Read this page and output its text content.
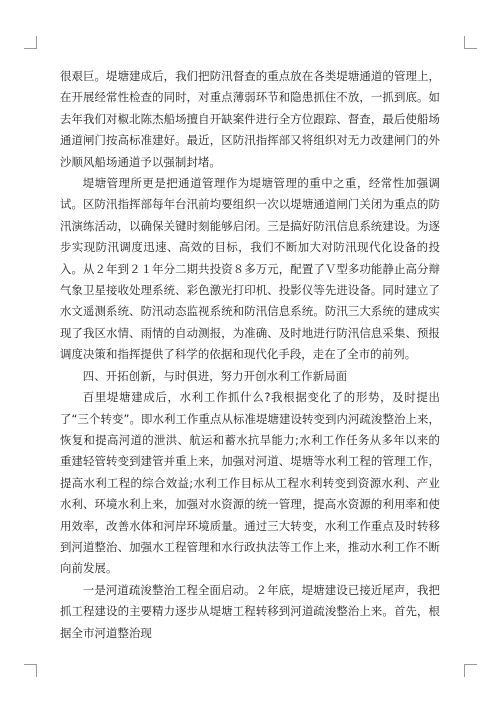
很艰巨。堤塘建成后，我们把防汛督查的重点放在各类堤塘通道的管理上，在开展经常性检查的同时，对重点薄弱环节和隐患抓住不放，一抓到底。如去年我们对椒北陈杰船场擅自开缺案件进行全方位跟踪、督查，最后使船场通道闸门按高标准建好。最近，区防汛指挥部又将组织对无力改建闸门的外沙顺风船场通道予以强制封堵。

堤塘管理所更是把通道管理作为堤塘管理的重中之重，经常性加强调试。区防汛指挥部每年台汛前均要组织一次以堤塘通道闸门关闭为重点的防汛演练活动，以确保关键时刻能够启闭。三是搞好防汛信息系统建设。为逐步实现防汛调度迅速、高效的目标，我们不断加大对防汛现代化设备的投入。从２年到２１年分二期共投资８多万元，配置了Ｖ型多功能静止高分辩气象卫星接收处理系统、彩色激光打印机、投影仪等先进设备。同时建立了水文遥测系统、防汛动态监视系统和防汛信息系统。防汛三大系统的建成实现了我区水情、雨情的自动测报，为准确、及时地进行防汛信息采集、预报调度决策和指挥提供了科学的依据和现代化手段，走在了全市的前列。

四、开拓创新，与时俱进，努力开创水利工作新局面

百里堤塘建成后，水利工作抓什么?我根据变化了的形势，及时提出了“三个转变”。即水利工作重点从标准堤塘建设转变到内河疏浚整治上来，恢复和提高河道的泄洪、航运和蓄水抗旱能力;水利工作任务从多年以来的重建轻管转变到建管并重上来，加强对河道、堤塘等水利工程的管理工作，提高水利工程的综合效益;水利工作目标从工程水利转变到资源水利、产业水利、环境水利上来，加强对水资源的统一管理，提高水资源的利用率和使用效率，改善水体和河岸环境质量。通过三大转变，水利工作重点及时转移到河道整治、加强水工程管理和水行政执法等工作上来，推动水利工作不断向前发展。

一是河道疏浚整治工程全面启动。２年底，堤塘建设已接近尾声，我把抓工程建设的主要精力逐步从堤塘工程转移到河道疏浚整治上来。首先，根据全市河道整治现
